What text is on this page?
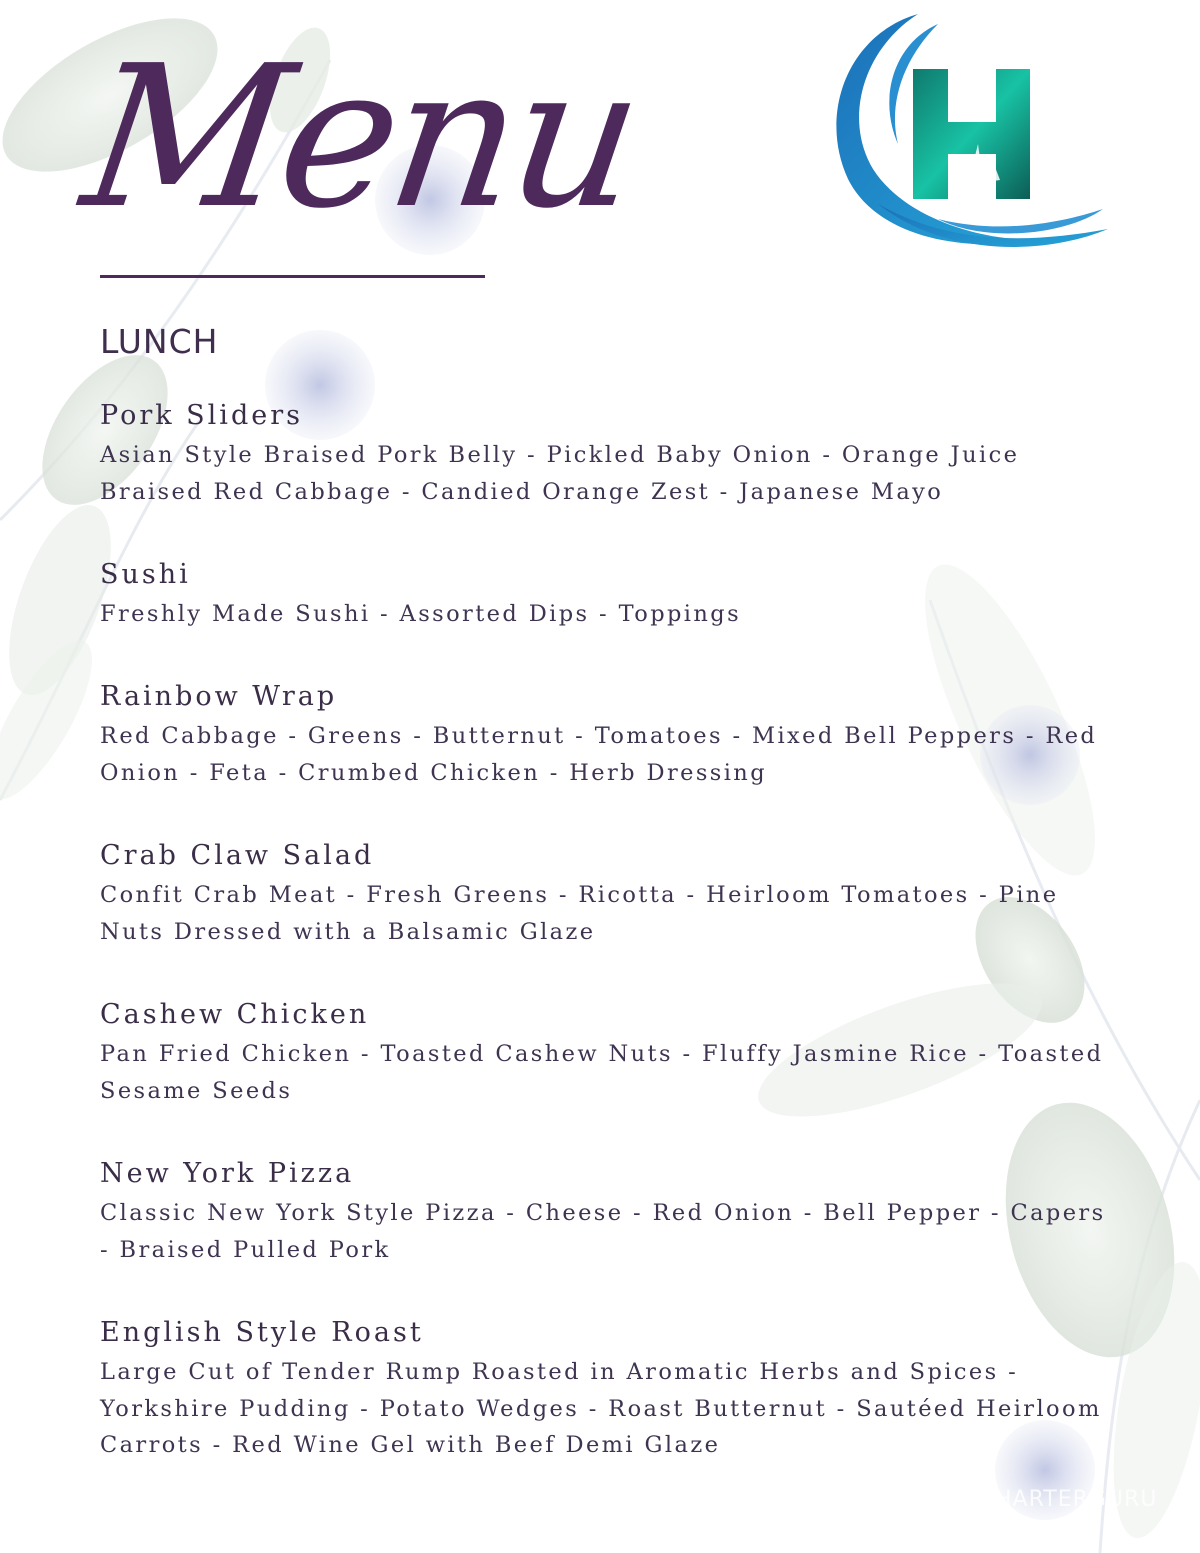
Menu
LUNCH
Pork Sliders
Asian Style Braised Pork Belly - Pickled Baby Onion - Orange Juice Braised Red Cabbage - Candied Orange Zest - Japanese Mayo
Sushi
Freshly Made Sushi - Assorted Dips - Toppings
Rainbow Wrap
Red Cabbage - Greens - Butternut - Tomatoes - Mixed Bell Peppers - Red Onion - Feta - Crumbed Chicken - Herb Dressing
Crab Claw Salad
Confit Crab Meat - Fresh Greens - Ricotta - Heirloom Tomatoes - Pine Nuts Dressed with a Balsamic Glaze
Cashew Chicken
Pan Fried Chicken - Toasted Cashew Nuts - Fluffy Jasmine Rice - Toasted Sesame Seeds
New York Pizza
Classic New York Style Pizza - Cheese - Red Onion - Bell Pepper - Capers - Braised Pulled Pork
English Style Roast
Large Cut of Tender Rump Roasted in Aromatic Herbs and Spices - Yorkshire Pudding - Potato Wedges - Roast Butternut - Sautéed Heirloom Carrots - Red Wine Gel with Beef Demi Glaze
HARTERGURU
